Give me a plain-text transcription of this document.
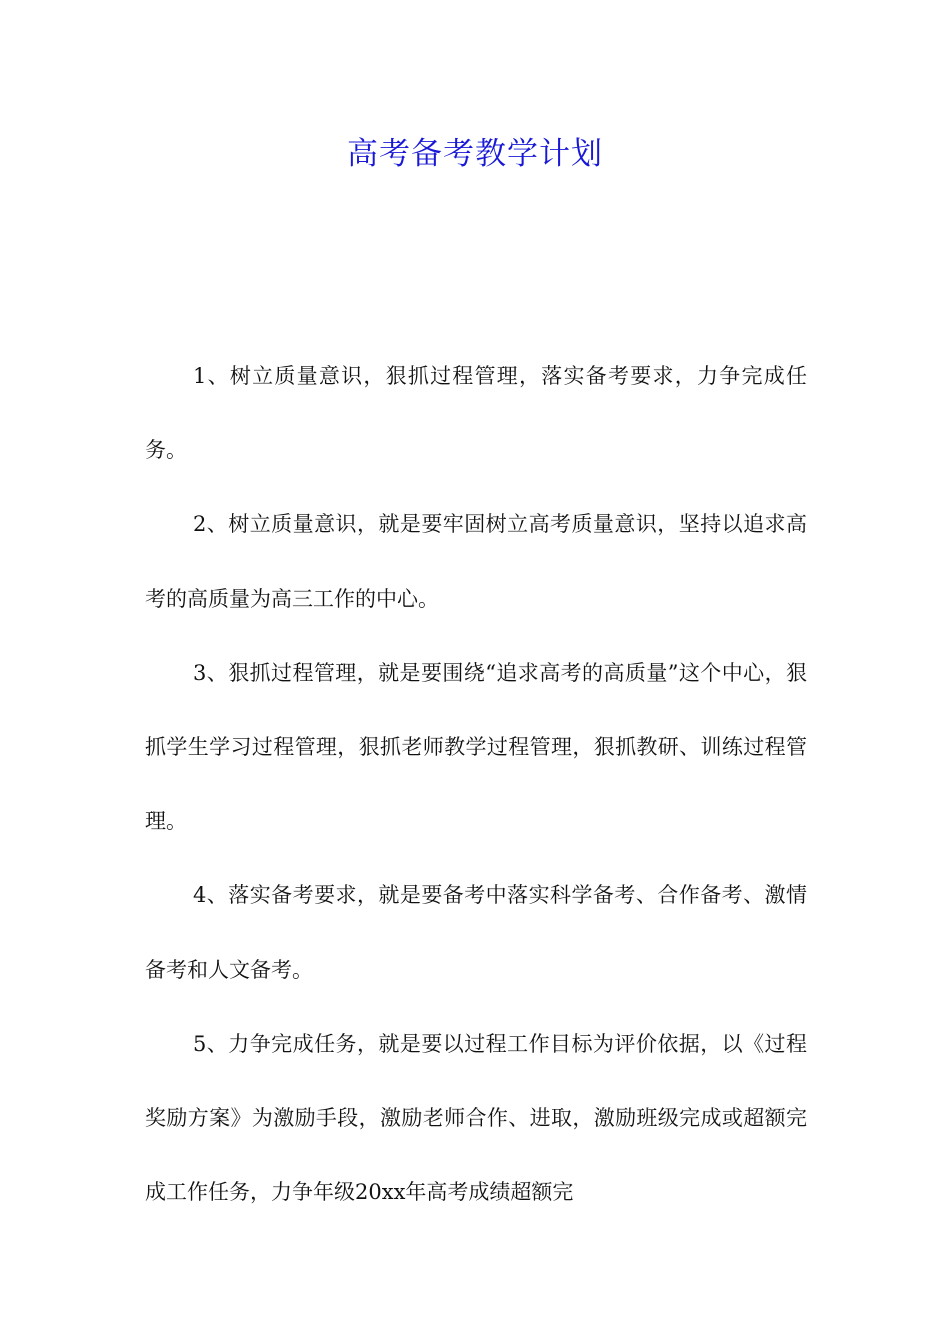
高考备考教学计划

1、树立质量意识，狠抓过程管理，落实备考要求，力争完成任务。

2、树立质量意识，就是要牢固树立高考质量意识，坚持以追求高考的高质量为高三工作的中心。

3、狠抓过程管理，就是要围绕“追求高考的高质量”这个中心，狠抓学生学习过程管理，狠抓老师教学过程管理，狠抓教研、训练过程管理。

4、落实备考要求，就是要备考中落实科学备考、合作备考、激情备考和人文备考。

5、力争完成任务，就是要以过程工作目标为评价依据，以《过程奖励方案》为激励手段，激励老师合作、进取，激励班级完成或超额完成工作任务，力争年级20xx年高考成绩超额完
